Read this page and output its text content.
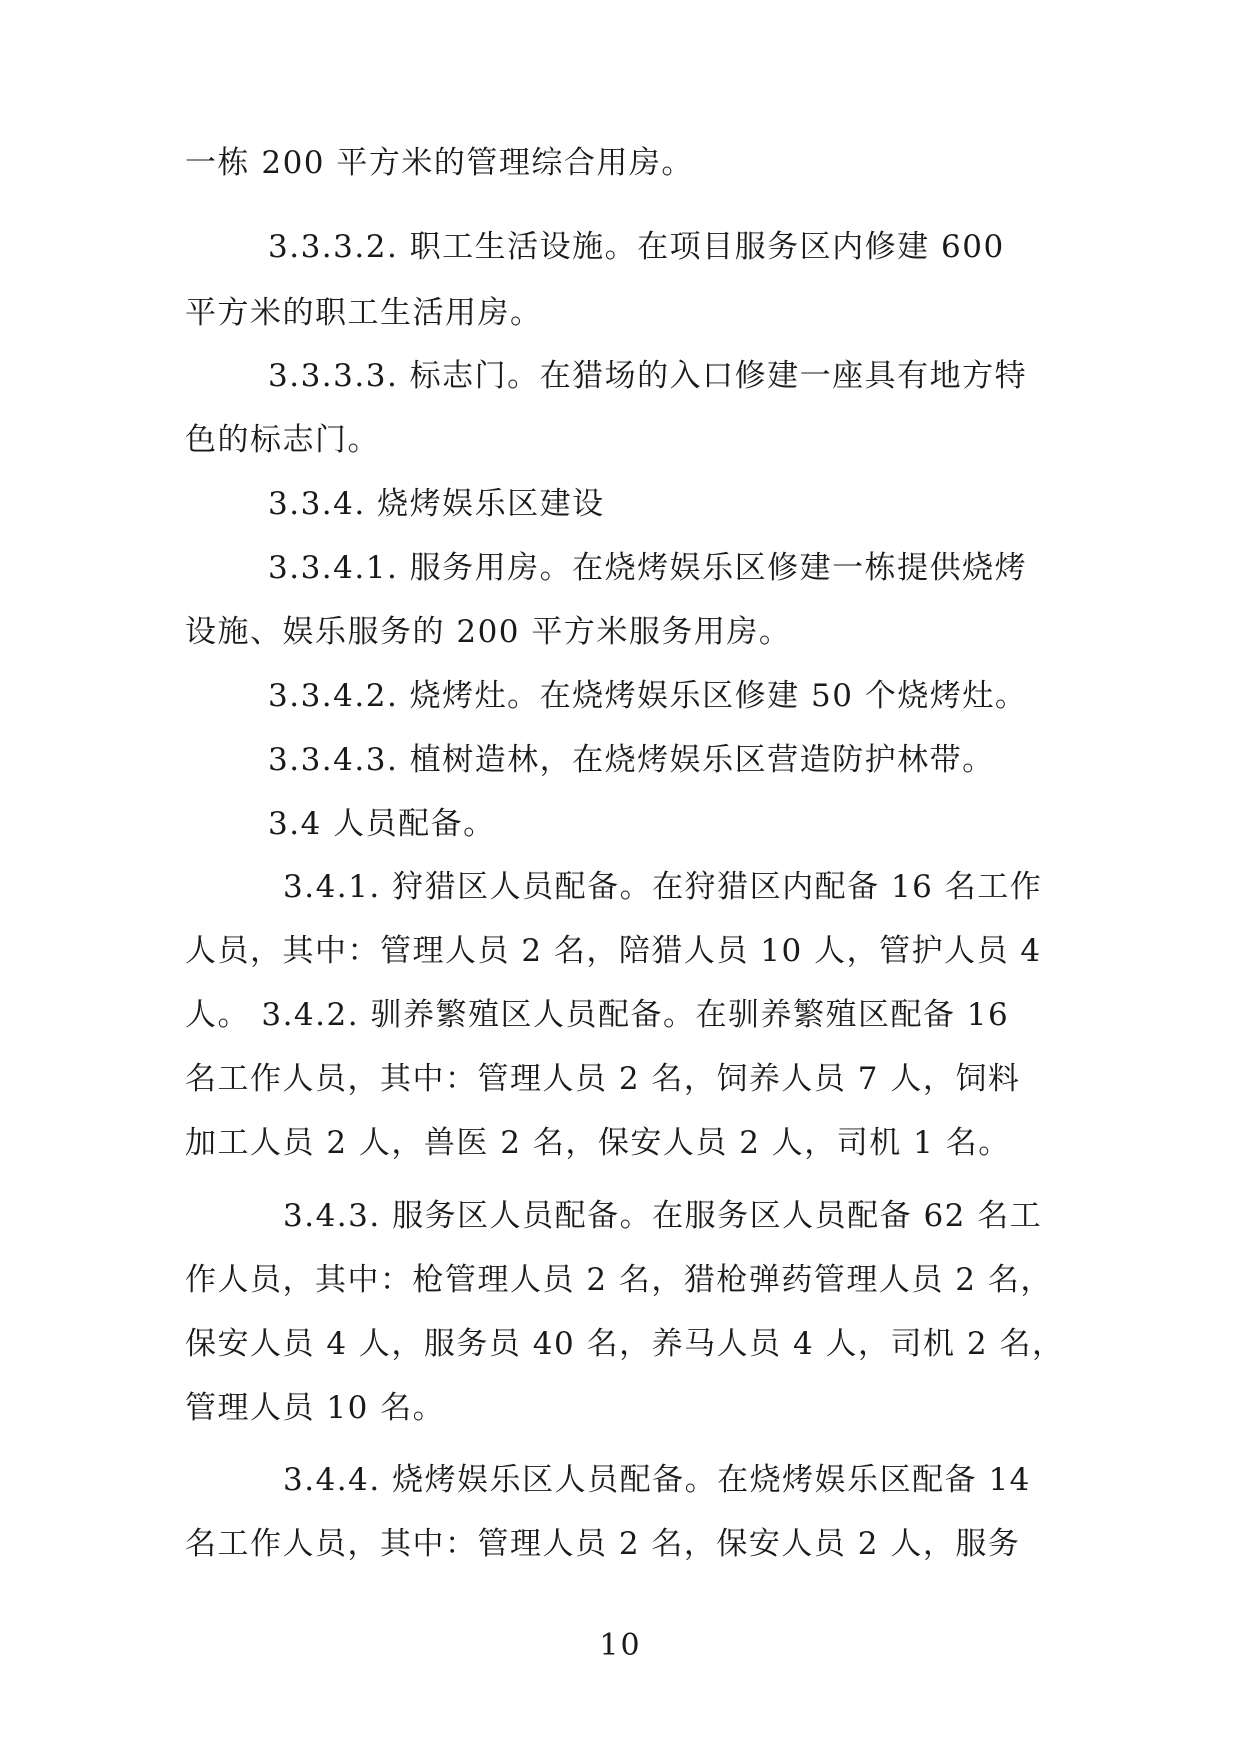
一栋 200 平方米的管理综合用房。
3.3.3.2. 职工生活设施。在项目服务区内修建 600
平方米的职工生活用房。
3.3.3.3. 标志门。在猎场的入口修建一座具有地方特
色的标志门。
3.3.4. 烧烤娱乐区建设
3.3.4.1. 服务用房。在烧烤娱乐区修建一栋提供烧烤
设施、娱乐服务的 200 平方米服务用房。
3.3.4.2. 烧烤灶。在烧烤娱乐区修建 50 个烧烤灶。
3.3.4.3. 植树造林，在烧烤娱乐区营造防护林带。
3.4 人员配备。
3.4.1. 狩猎区人员配备。在狩猎区内配备 16 名工作
人员，其中：管理人员 2 名，陪猎人员 10 人，管护人员 4
人。 3.4.2. 驯养繁殖区人员配备。在驯养繁殖区配备 16
名工作人员，其中：管理人员 2 名，饲养人员 7 人，饲料
加工人员 2 人，兽医 2 名，保安人员 2 人，司机 1 名。
3.4.3. 服务区人员配备。在服务区人员配备 62 名工
作人员，其中：枪管理人员 2 名，猎枪弹药管理人员 2 名，
保安人员 4 人，服务员 40 名，养马人员 4 人，司机 2 名，
管理人员 10 名。
3.4.4. 烧烤娱乐区人员配备。在烧烤娱乐区配备 14
名工作人员，其中：管理人员 2 名，保安人员 2 人，服务
10
